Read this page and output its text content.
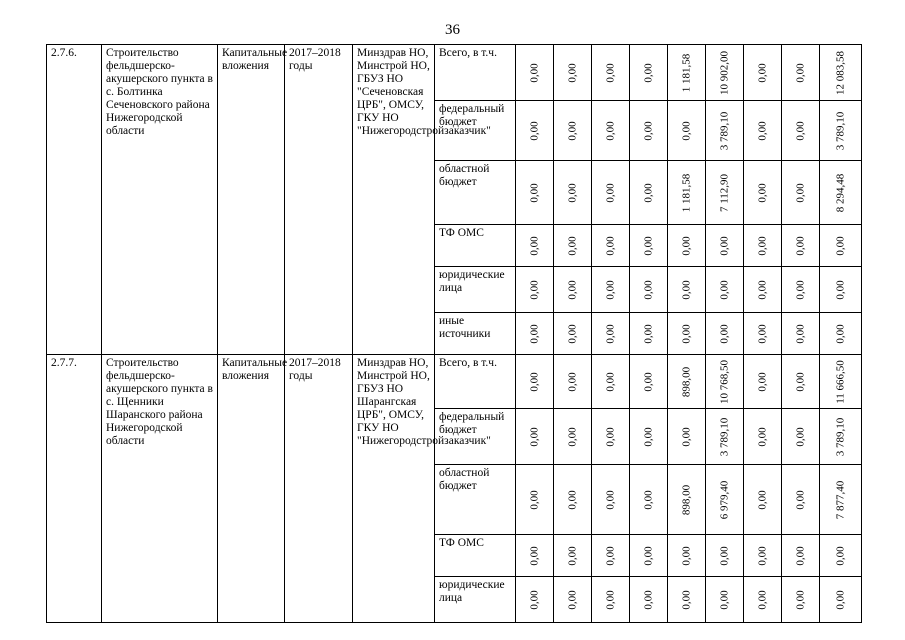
36
2.7.6.	Строительство фельдшерско-акушерского пункта в с. Болтинка Сеченовского района Нижегородской области	Капитальные вложения	2017–2018 годы	Минздрав НО, Минстрой НО, ГБУЗ НО "Сеченовская ЦРБ", ОМСУ, ГКУ НО "Нижегородстройзаказчик"	Всего, в т.ч.	0,00	0,00	0,00	0,00	1 181,58	10 902,00	0,00	0,00	12 083,58

					федеральный бюджет	0,00	0,00	0,00	0,00	0,00	3 789,10	0,00	0,00	3 789,10

					областной бюджет	0,00	0,00	0,00	0,00	1 181,58	7 112,90	0,00	0,00	8 294,48

					ТФ ОМС	0,00	0,00	0,00	0,00	0,00	0,00	0,00	0,00	0,00

					юридические лица	0,00	0,00	0,00	0,00	0,00	0,00	0,00	0,00	0,00

					иные источники	0,00	0,00	0,00	0,00	0,00	0,00	0,00	0,00	0,00

2.7.7.	Строительство фельдшерско-акушерского пункта в с. Щенники Шаранского района Нижегородской области	Капитальные вложения	2017–2018 годы	Минздрав НО, Минстрой НО, ГБУЗ НО Шарангская ЦРБ", ОМСУ, ГКУ НО "Нижегородстройзаказчик"	Всего, в т.ч.	0,00	0,00	0,00	0,00	898,00	10 768,50	0,00	0,00	11 666,50

					федеральный бюджет	0,00	0,00	0,00	0,00	0,00	3 789,10	0,00	0,00	3 789,10

					областной бюджет	0,00	0,00	0,00	0,00	898,00	6 979,40	0,00	0,00	7 877,40

					ТФ ОМС	0,00	0,00	0,00	0,00	0,00	0,00	0,00	0,00	0,00

					юридические лица	0,00	0,00	0,00	0,00	0,00	0,00	0,00	0,00	0,00
